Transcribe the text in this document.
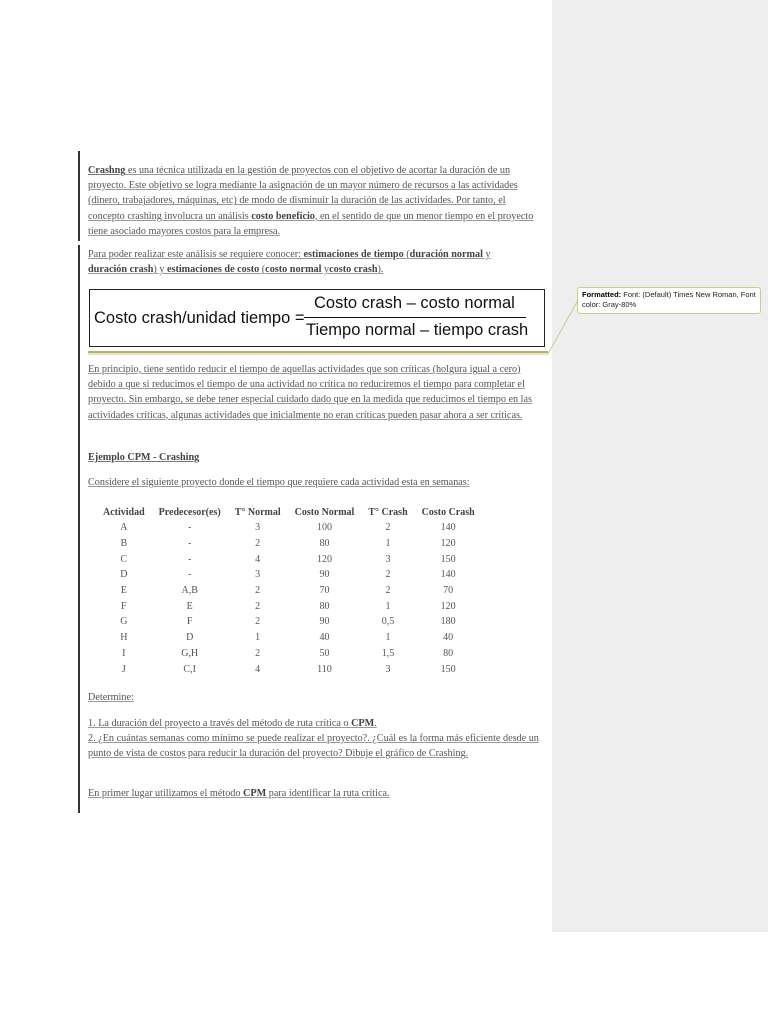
Crashng es una técnica utilizada en la gestión de proyectos con el objetivo de acortar la duración de un proyecto. Este objetivo se logra mediante la asignación de un mayor número de recursos a las actividades (dinero, trabajadores, máquinas, etc) de modo de disminuir la duración de las actividades. Por tanto, el concepto crashing involucra un análisis costo beneficio, en el sentido de que un menor tiempo en el proyecto tiene asociado mayores costos para la empresa.

Para poder realizar este análisis se requiere conocer: estimaciones de tiempo (duración normal y duración crash) y estimaciones de costo (costo normal ycosto crash).

Costo crash/unidad tiempo =
Costo crash – costo normal
Tiempo normal – tiempo crash

En principio, tiene sentido reducir el tiempo de aquellas actividades que son críticas (holgura igual a cero) debido a que si reducimos el tiempo de una actividad no crítica no reduciremos el tiempo para completar el proyecto. Sin embargo, se debe tener especial cuidado dado que en la medida que reducimos el tiempo en las actividades críticas, algunas actividades que inicialmente no eran críticas pueden pasar ahora a ser críticas.

Ejemplo CPM - Crashing

Considere el siguiente proyecto donde el tiempo que requiere cada actividad esta en semanas:

Actividad	Predecesor(es)	T° Normal	Costo Normal	T° Crash	Costo Crash
A	-	3	100	2	140
B	-	2	80	1	120
C	-	4	120	3	150
D	-	3	90	2	140
E	A,B	2	70	2	70
F	E	2	80	1	120
G	F	2	90	0,5	180
H	D	1	40	1	40
I	G,H	2	50	1,5	80
J	C,I	4	110	3	150

Determine:

1. La duración del proyecto a través del método de ruta crítica o CPM.

2. ¿En cuántas semanas como mínimo se puede realizar el proyecto?. ¿Cuál es la forma más eficiente desde un punto de vista de costos para reducir la duración del proyecto? Dibuje el gráfico de Crashing.

En primer lugar utilizamos el método CPM para identificar la ruta crítica.

Formatted: Font: (Default) Times New Roman, Font color: Gray-80%
